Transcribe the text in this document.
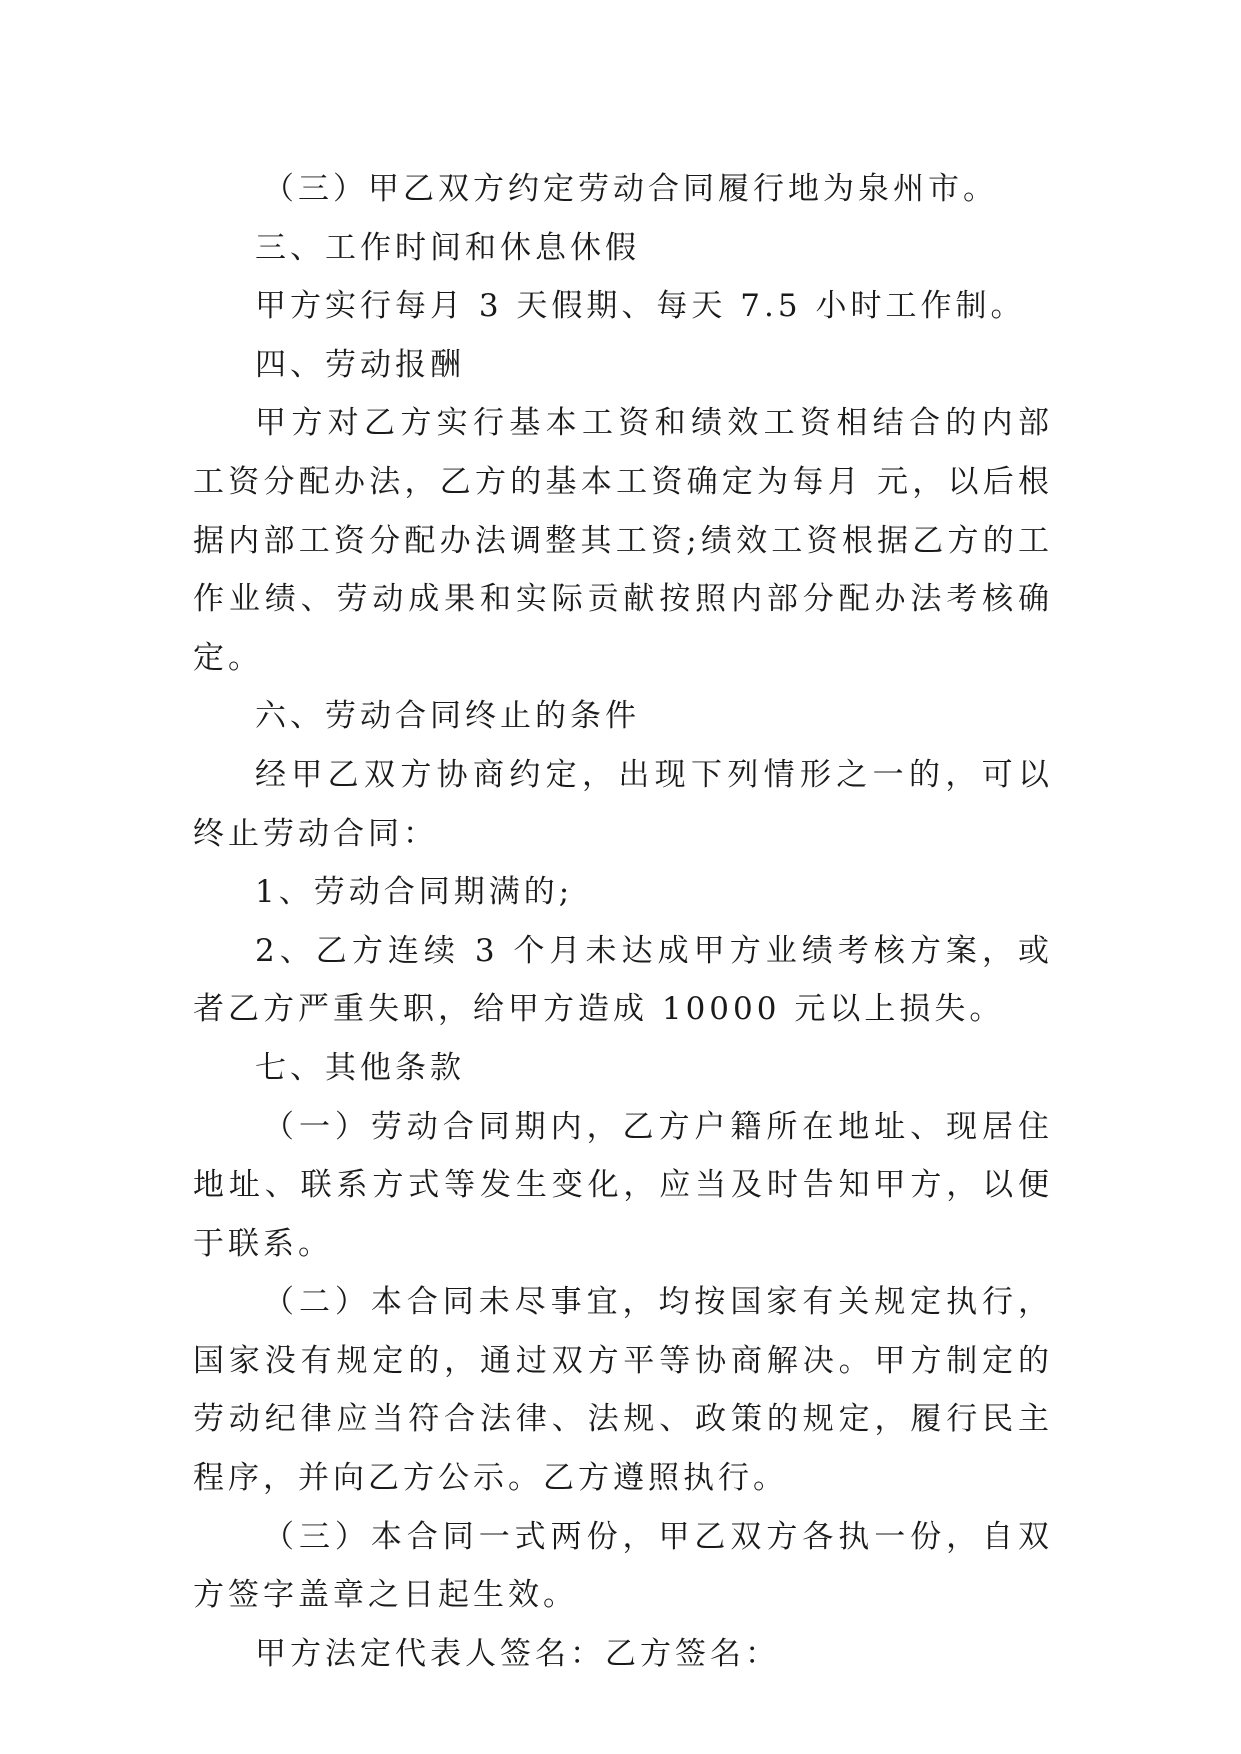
（三）甲乙双方约定劳动合同履行地为泉州市。

三、工作时间和休息休假

甲方实行每月 3 天假期、每天 7.5 小时工作制。

四、劳动报酬

甲方对乙方实行基本工资和绩效工资相结合的内部工资分配办法，乙方的基本工资确定为每月 元，以后根据内部工资分配办法调整其工资;绩效工资根据乙方的工作业绩、劳动成果和实际贡献按照内部分配办法考核确定。

六、劳动合同终止的条件

经甲乙双方协商约定，出现下列情形之一的，可以终止劳动合同：

1、劳动合同期满的;

2、乙方连续 3 个月未达成甲方业绩考核方案，或者乙方严重失职，给甲方造成 10000 元以上损失。

七、其他条款

（一）劳动合同期内，乙方户籍所在地址、现居住地址、联系方式等发生变化，应当及时告知甲方，以便于联系。

（二）本合同未尽事宜，均按国家有关规定执行，国家没有规定的，通过双方平等协商解决。甲方制定的劳动纪律应当符合法律、法规、政策的规定，履行民主程序，并向乙方公示。乙方遵照执行。

（三）本合同一式两份，甲乙双方各执一份，自双方签字盖章之日起生效。

甲方法定代表人签名：乙方签名：
